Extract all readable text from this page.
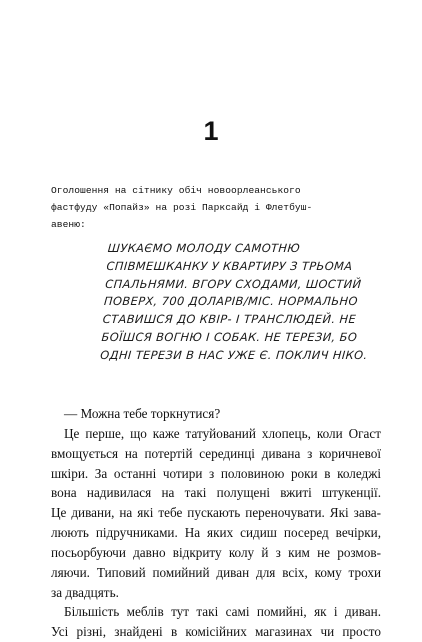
1
Оголошення на сітнику обіч новоорлеанського
фастфуду «Попайз» на розі Парксайд і Флетбуш-
авеню:
ШУКАЄМО МОЛОДУ САМОТНЮ
СПІВМЕШКАНКУ У КВАРТИРУ З ТРЬОМА
СПАЛЬНЯМИ. ВГОРУ СХОДАМИ, ШОСТИЙ
ПОВЕРХ, 700 ДОЛАРІВ/МІС. НОРМАЛЬНО
СТАВИШСЯ ДО КВІР- І ТРАНСЛЮДЕЙ. НЕ
БОЇШСЯ ВОГНЮ І СОБАК. НЕ ТЕРЕЗИ, БО
ОДНІ ТЕРЕЗИ В НАС УЖЕ Є. ПОКЛИЧ НІКО.
— Можна тебе торкнутися?
Це перше, що каже татуйований хлопець, коли Огаст
вмощується на потертій серединці дивана з коричневої
шкіри. За останні чотири з половиною роки в коледжі
вона надивилася на такі полущені вжиті штукенції.
Це дивани, на які тебе пускають переночувати. Які зава-
люють підручниками. На яких сидиш посеред вечірки,
посьорбуючи давно відкриту колу й з ким не розмов-
ляючи. Типовий помийний диван для всіх, кому трохи
за двадцять.
Більшість меблів тут такі самі помийні, як і диван.
Усі різні, знайдені в комісійних магазинах чи просто
